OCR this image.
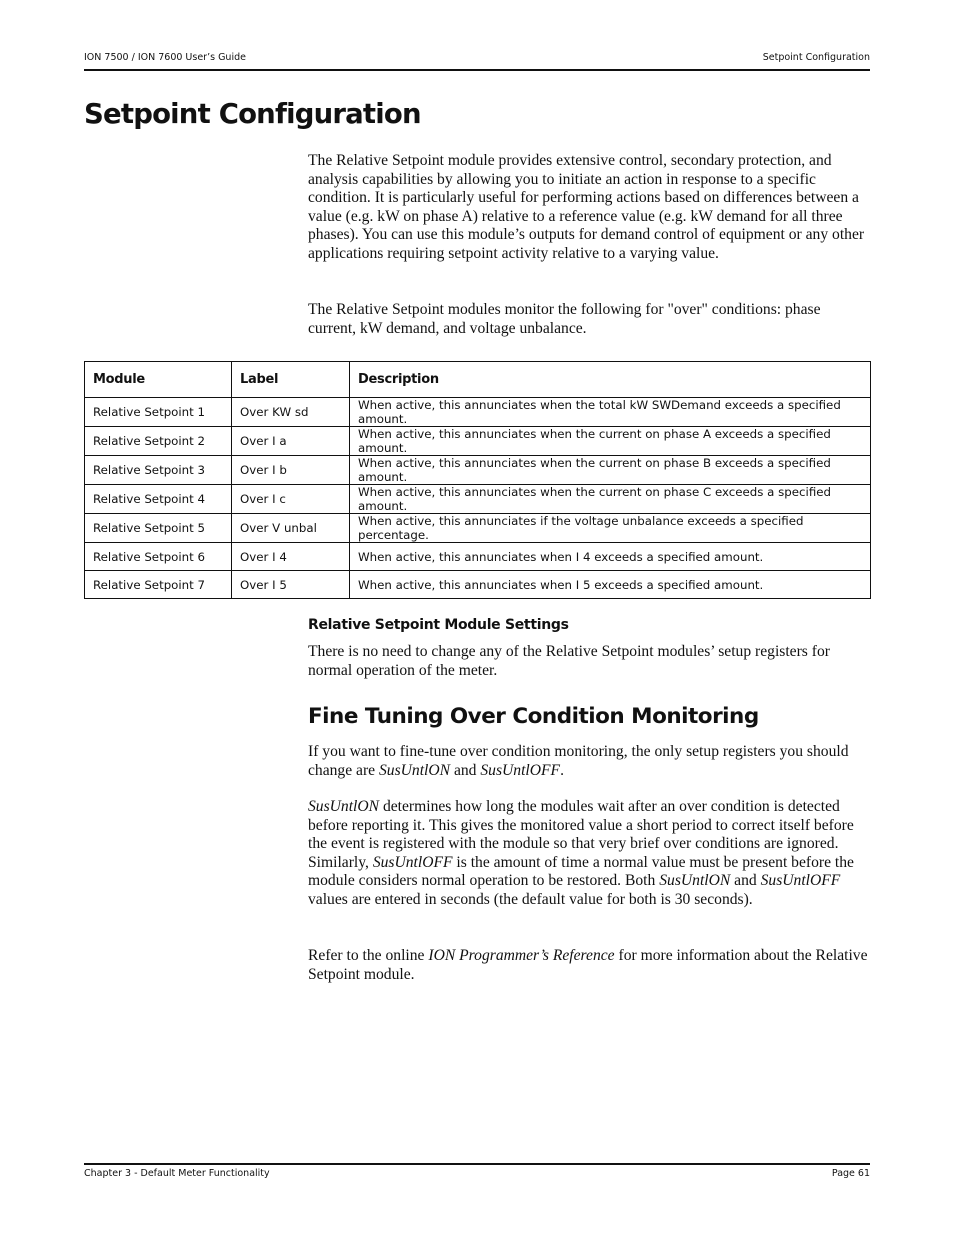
ION 7500 / ION 7600 User’s Guide	Setpoint Configuration
Setpoint Configuration

The Relative Setpoint module provides extensive control, secondary protection, and analysis capabilities by allowing you to initiate an action in response to a specific condition. It is particularly useful for performing actions based on differences between a value (e.g. kW on phase A) relative to a reference value (e.g. kW demand for all three phases). You can use this module’s outputs for demand control of equipment or any other applications requiring setpoint activity relative to a varying value.

The Relative Setpoint modules monitor the following for "over" conditions: phase current, kW demand, and voltage unbalance.

Module	Label	Description
Relative Setpoint 1	Over KW sd	When active, this annunciates when the total kW SWDemand exceeds a specified amount.
Relative Setpoint 2	Over I a	When active, this annunciates when the current on phase A exceeds a specified amount.
Relative Setpoint 3	Over I b	When active, this annunciates when the current on phase B exceeds a specified amount.
Relative Setpoint 4	Over I c	When active, this annunciates when the current on phase C exceeds a specified amount.
Relative Setpoint 5	Over V unbal	When active, this annunciates if the voltage unbalance exceeds a specified percentage.
Relative Setpoint 6	Over I 4	When active, this annunciates when I 4 exceeds a specified amount.
Relative Setpoint 7	Over I 5	When active, this annunciates when I 5 exceeds a specified amount.
Relative Setpoint Module Settings

There is no need to change any of the Relative Setpoint modules’ setup registers for normal operation of the meter.

Fine Tuning Over Condition Monitoring

If you want to fine-tune over condition monitoring, the only setup registers you should change are SusUntlON and SusUntlOFF.

SusUntlON determines how long the modules wait after an over condition is detected before reporting it. This gives the monitored value a short period to correct itself before the event is registered with the module so that very brief over conditions are ignored. Similarly, SusUntlOFF is the amount of time a normal value must be present before the module considers normal operation to be restored. Both SusUntlON and SusUntlOFF values are entered in seconds (the default value for both is 30 seconds).

Refer to the online ION Programmer’s Reference for more information about the Relative Setpoint module.

Chapter 3 - Default Meter Functionality	Page 61
